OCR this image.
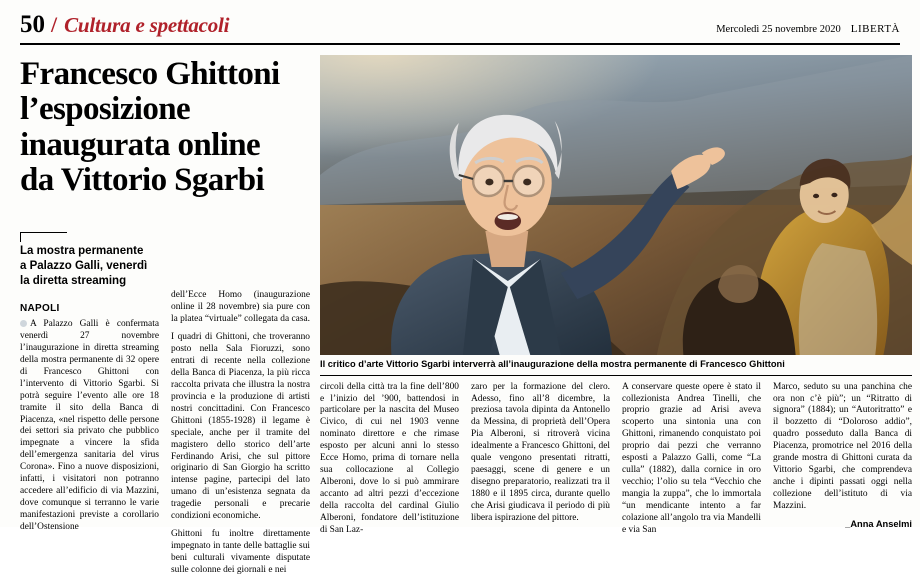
50 / Cultura e spettacoli	Mercoledì 25 novembre 2020 LIBERTÀ
Francesco Ghittoni
l’esposizione
inaugurata online
da Vittorio Sgarbi
La mostra permanente
a Palazzo Galli, venerdì
la diretta streaming
NAPOLI

A Palazzo Galli è confermata venerdì 27 novembre l’inaugurazione in diretta streaming della mostra permanente di 32 opere di Francesco Ghittoni con l’intervento di Vittorio Sgarbi. Si potrà seguire l’evento alle ore 18 tramite il sito della Banca di Piacenza, «nel rispetto delle persone dei settori sia privato che pubblico impegnate a vincere la sfida dell’emergenza sanitaria del virus Corona». Fino a nuove disposizioni, infatti, i visitatori non potranno accedere all’edificio di via Mazzini, dove comunque si terranno le varie manifestazioni previste a corollario dell’Ostensione

dell’Ecce Homo (inaugurazione online il 28 novembre) sia pure con la platea “virtuale” collegata da casa.

I quadri di Ghittoni, che troveranno posto nella Sala Fioruzzi, sono entrati di recente nella collezione della Banca di Piacenza, la più ricca raccolta privata che illustra la nostra provincia e la produzione di artisti nostri concittadini. Con Francesco Ghittoni (1855-1928) il legame è speciale, anche per il tramite del magistero dello storico dell’arte Ferdinando Arisi, che sul pittore originario di San Giorgio ha scritto intense pagine, partecipi del lato umano di un’esistenza segnata da tragedie personali e precarie condizioni economiche.

Ghittoni fu inoltre direttamente impegnato in tante delle battaglie sui beni culturali vivamente disputate sulle colonne dei giornali e nei

Il critico d’arte Vittorio Sgarbi interverrà all’inaugurazione della mostra permanente di Francesco Ghittoni

circoli della città tra la fine dell’800 e l’inizio del ’900, battendosi in particolare per la nascita del Museo Civico, di cui nel 1903 venne nominato direttore e che rimase esposto per alcuni anni lo stesso Ecce Homo, prima di tornare nella sua collocazione al Collegio Alberoni, dove lo si può ammirare accanto ad altri pezzi d’eccezione della raccolta del cardinal Giulio Alberoni, fondatore dell’istituzione di San Laz-

zaro per la formazione del clero. Adesso, fino all’8 dicembre, la preziosa tavola dipinta da Antonello da Messina, di proprietà dell’Opera Pia Alberoni, si ritroverà vicina idealmente a Francesco Ghittoni, del quale vengono presentati ritratti, paesaggi, scene di genere e un disegno preparatorio, realizzati tra il 1880 e il 1895 circa, durante quello che Arisi giudicava il periodo di più libera ispirazione del pittore.

A conservare queste opere è stato il collezionista Andrea Tinelli, che proprio grazie ad Arisi aveva scoperto una sintonia una con Ghittoni, rimanendo conquistato poi proprio dai pezzi che verranno esposti a Palazzo Galli, come “La culla” (1882), dalla cornice in oro vecchio; l’olio su tela “Vecchio che mangia la zuppa”, che lo immortala “un mendicante intento a far colazione all’angolo tra via Mandelli e via San

Marco, seduto su una panchina che ora non c’è più”; un “Ritratto di signora” (1884); un “Autoritratto” e il bozzetto di “Doloroso addio”, quadro posseduto dalla Banca di Piacenza, promotrice nel 2016 della grande mostra di Ghittoni curata da Vittorio Sgarbi, che comprendeva anche i dipinti passati oggi nella collezione dell’istituto di via Mazzini.

_Anna Anselmi
